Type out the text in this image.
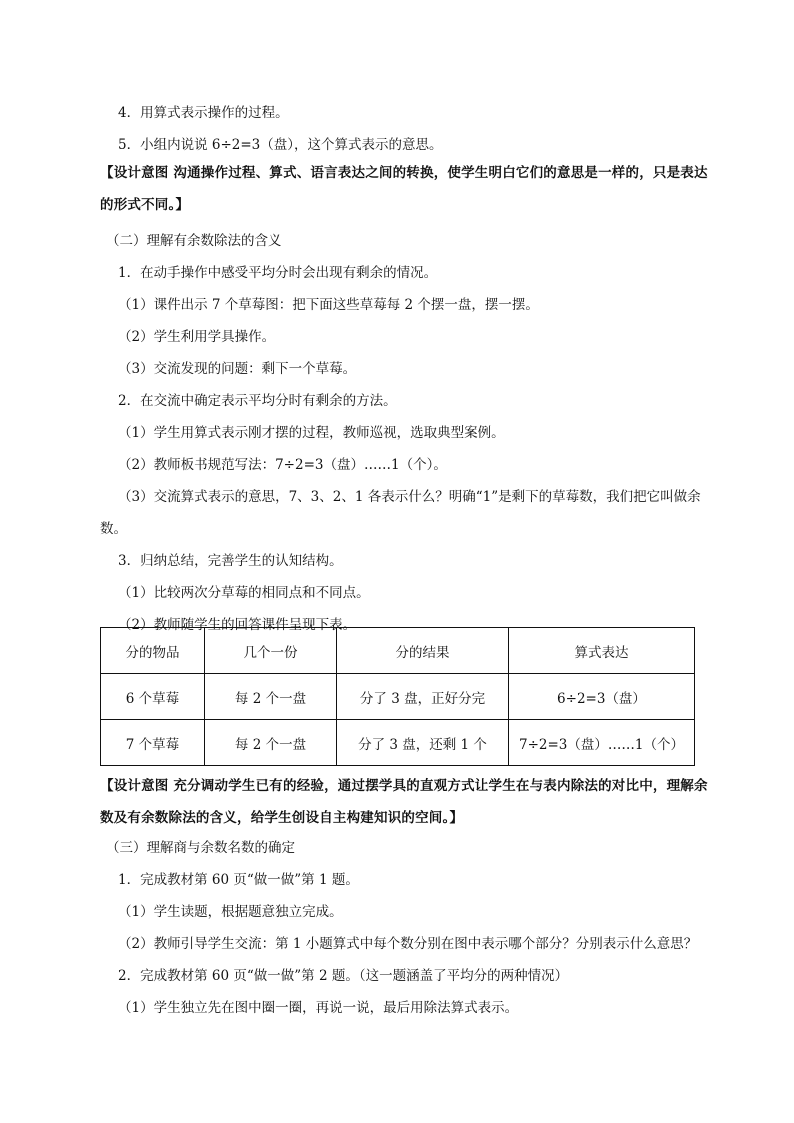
4．用算式表示操作的过程。
5．小组内说说 6÷2=3（盘），这个算式表示的意思。
【设计意图 沟通操作过程、算式、语言表达之间的转换，使学生明白它们的意思是一样的，只是表达的形式不同。】
（二）理解有余数除法的含义
1．在动手操作中感受平均分时会出现有剩余的情况。
（1）课件出示 7 个草莓图：把下面这些草莓每 2 个摆一盘，摆一摆。
（2）学生利用学具操作。
（3）交流发现的问题：剩下一个草莓。
2．在交流中确定表示平均分时有剩余的方法。
（1）学生用算式表示刚才摆的过程，教师巡视，选取典型案例。
（2）教师板书规范写法：7÷2=3（盘）……1（个）。
（3）交流算式表示的意思，7、3、2、1 各表示什么？明确“1”是剩下的草莓数，我们把它叫做余
数。
3．归纳总结，完善学生的认知结构。
（1）比较两次分草莓的相同点和不同点。
（2）教师随学生的回答课件呈现下表。
分的物品	几个一份	分的结果	算式表达
6 个草莓	每 2 个一盘	分了 3 盘，正好分完	6÷2=3（盘）
7 个草莓	每 2 个一盘	分了 3 盘，还剩 1 个	7÷2=3（盘）……1（个）
【设计意图 充分调动学生已有的经验，通过摆学具的直观方式让学生在与表内除法的对比中，理解余数及有余数除法的含义，给学生创设自主构建知识的空间。】
（三）理解商与余数名数的确定
1．完成教材第 60 页“做一做”第 1 题。
（1）学生读题，根据题意独立完成。
（2）教师引导学生交流：第 1 小题算式中每个数分别在图中表示哪个部分？分别表示什么意思？
2．完成教材第 60 页“做一做”第 2 题。（这一题涵盖了平均分的两种情况）
（1）学生独立先在图中圈一圈，再说一说，最后用除法算式表示。
